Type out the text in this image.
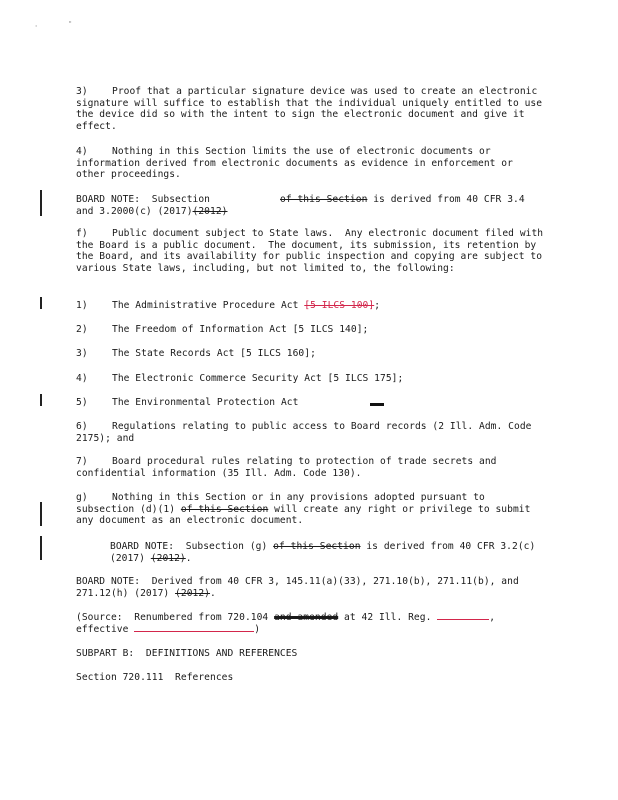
'	"
3)	Proof that a particular signature device was used to create an electronic signature will suffice to establish that the individual uniquely entitled to use the device did so with the intent to sign the electronic document and give it effect.
4)	Nothing in this Section limits the use of electronic documents or information derived from electronic documents as evidence in enforcement or other proceedings.
BOARD NOTE:  Subsection	of this Section is derived from 40 CFR 3.4
and 3.2000(c) (2017)(2012)
f)	Public document subject to State laws.  Any electronic document filed with the Board is a public document.  The document, its submission, its retention by the Board, and its availability for public inspection and copying are subject to various State laws, including, but not limited to, the following:
1)	The Administrative Procedure Act [5 ILCS 100];
2)	The Freedom of Information Act [5 ILCS 140];
3)	The State Records Act [5 ILCS 160];
4)	The Electronic Commerce Security Act [5 ILCS 175];
5)	The Environmental Protection Act
6)	Regulations relating to public access to Board records (2 Ill. Adm. Code 2175); and
7)	Board procedural rules relating to protection of trade secrets and confidential information (35 Ill. Adm. Code 130).
g)	Nothing in this Section or in any provisions adopted pursuant to subsection (d)(1) of this Section will create any right or privilege to submit any document as an electronic document.
BOARD NOTE:  Subsection (g) of this Section is derived from 40 CFR 3.2(c) (2017) (2012).
BOARD NOTE:  Derived from 40 CFR 3, 145.11(a)(33), 271.10(b), 271.11(b), and 271.12(h) (2017) (2012).
(Source:  Renumbered from 720.104 and amended at 42 Ill. Reg.	,
effective	)
SUBPART B:  DEFINITIONS AND REFERENCES
Section 720.111  References
